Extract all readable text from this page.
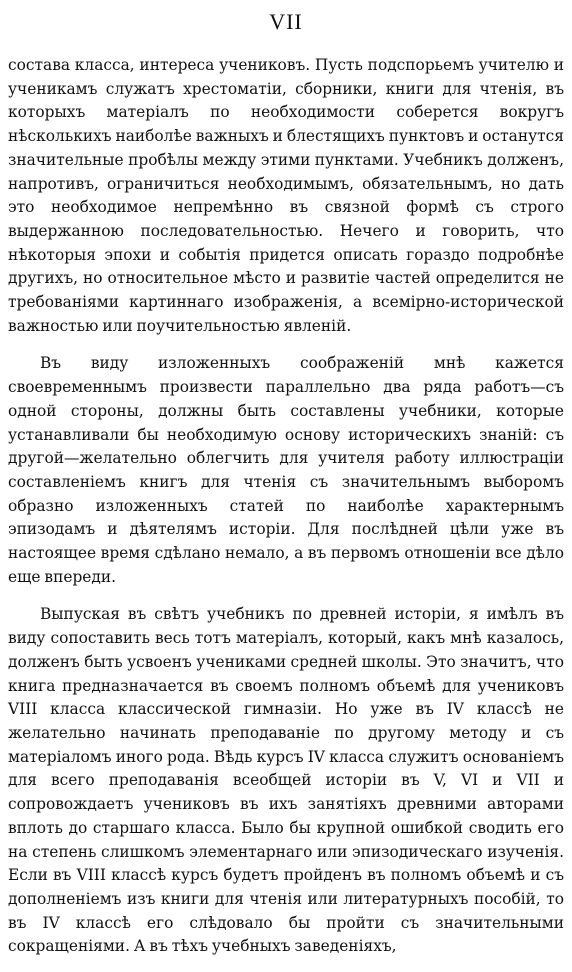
VII

состава класса, интереса учениковъ. Пусть подспорьемъ учителю и ученикамъ служатъ хрестоматіи, сборники, книги для чтенія, въ которыхъ матеріалъ по необходимости соберется вокругъ нѣсколькихъ наиболѣе важныхъ и блестящихъ пунктовъ и останутся значительные пробѣлы между этими пунктами. Учебникъ долженъ, напротивъ, ограничиться необходимымъ, обязательнымъ, но дать это необходимое непремѣнно въ связной формѣ съ строго выдержанною последовательностью. Нечего и говорить, что нѣкоторыя эпохи и событія придется описать гораздо подробнѣе другихъ, но относительное мѣсто и развитіе частей определится не требованіями картиннаго изображенія, а всемірно-исторической важностью или поучительностью явленій.

Въ виду изложенныхъ соображеній мнѣ кажется своевременнымъ произвести параллельно два ряда работъ—съ одной стороны, должны быть составлены учебники, которые устанавливали бы необходимую основу историческихъ знаній: съ другой—желательно облегчить для учителя работу иллюстраціи составленіемъ книгъ для чтенія съ значительнымъ выборомъ образно изложенныхъ статей по наиболѣе характернымъ эпизодамъ и дѣятелямъ исторіи. Для послѣдней цѣли уже въ настоящее время сдѣлано немало, а въ первомъ отношеніи все дѣло еще впереди.

Выпуская въ свѣтъ учебникъ по древней исторіи, я имѣлъ въ виду сопоставить весь тотъ матеріалъ, который, какъ мнѣ казалось, долженъ быть усвоенъ учениками средней школы. Это значитъ, что книга предназначается въ своемъ полномъ объемѣ для учениковъ VIII класса классической гимназіи. Но уже въ IV классѣ не желательно начинать преподаваніе по другому методу и съ матеріаломъ иного рода. Вѣдь курсъ IV класса служитъ основаніемъ для всего преподаванія всеобщей исторіи въ V, VI и VII и сопровождаетъ учениковъ въ ихъ занятіяхъ древними авторами вплоть до старшаго класса. Было бы крупной ошибкой сводить его на степень слишкомъ элементарнаго или эпизодическаго изученія. Если въ VIII классѣ курсъ будетъ пройденъ въ полномъ объемѣ и съ дополненіемъ изъ книги для чтенія или литературныхъ пособій, то въ IV классѣ его слѣдовало бы пройти съ значительными сокращеніями. А въ тѣхъ учебныхъ заведеніяхъ,
